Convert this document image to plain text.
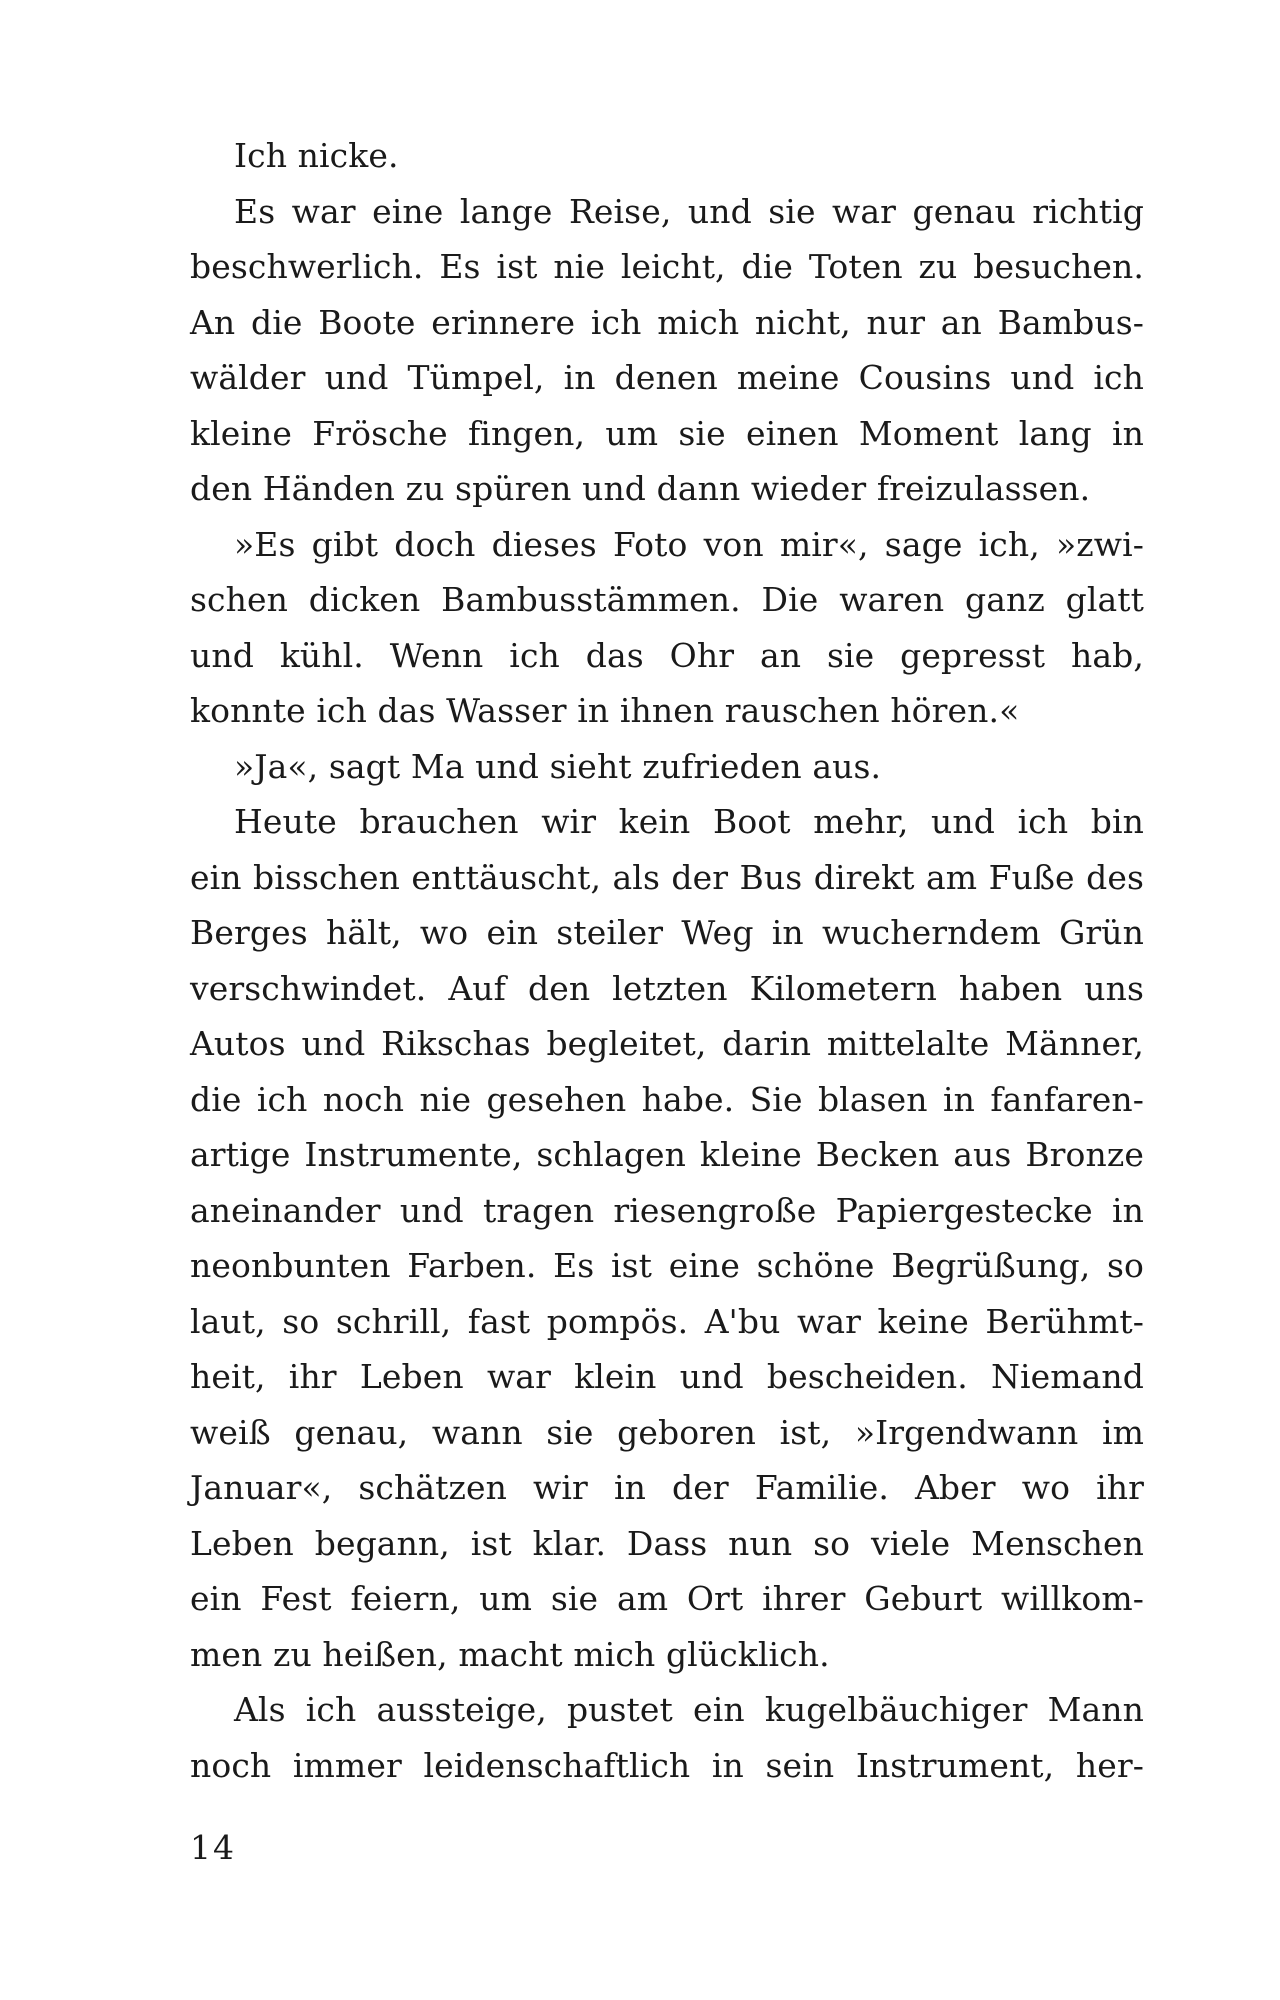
Ich nicke.
Es war eine lange Reise, und sie war genau richtig
beschwerlich. Es ist nie leicht, die Toten zu besuchen.
An die Boote erinnere ich mich nicht, nur an Bambus-
wälder und Tümpel, in denen meine Cousins und ich
kleine Frösche fingen, um sie einen Moment lang in
den Händen zu spüren und dann wieder freizulassen.
»Es gibt doch dieses Foto von mir«, sage ich, »zwi-
schen dicken Bambusstämmen. Die waren ganz glatt
und kühl. Wenn ich das Ohr an sie gepresst hab,
konnte ich das Wasser in ihnen rauschen hören.«
»Ja«, sagt Ma und sieht zufrieden aus.
Heute brauchen wir kein Boot mehr, und ich bin
ein bisschen enttäuscht, als der Bus direkt am Fuße des
Berges hält, wo ein steiler Weg in wucherndem Grün
verschwindet. Auf den letzten Kilometern haben uns
Autos und Rikschas begleitet, darin mittelalte Männer,
die ich noch nie gesehen habe. Sie blasen in fanfaren-
artige Instrumente, schlagen kleine Becken aus Bronze
aneinander und tragen riesengroße Papiergestecke in
neonbunten Farben. Es ist eine schöne Begrüßung, so
laut, so schrill, fast pompös. A'bu war keine Berühmt-
heit, ihr Leben war klein und bescheiden. Niemand
weiß genau, wann sie geboren ist, »Irgendwann im
Januar«, schätzen wir in der Familie. Aber wo ihr
Leben begann, ist klar. Dass nun so viele Menschen
ein Fest feiern, um sie am Ort ihrer Geburt willkom-
men zu heißen, macht mich glücklich.
Als ich aussteige, pustet ein kugelbäuchiger Mann
noch immer leidenschaftlich in sein Instrument, her-
14
